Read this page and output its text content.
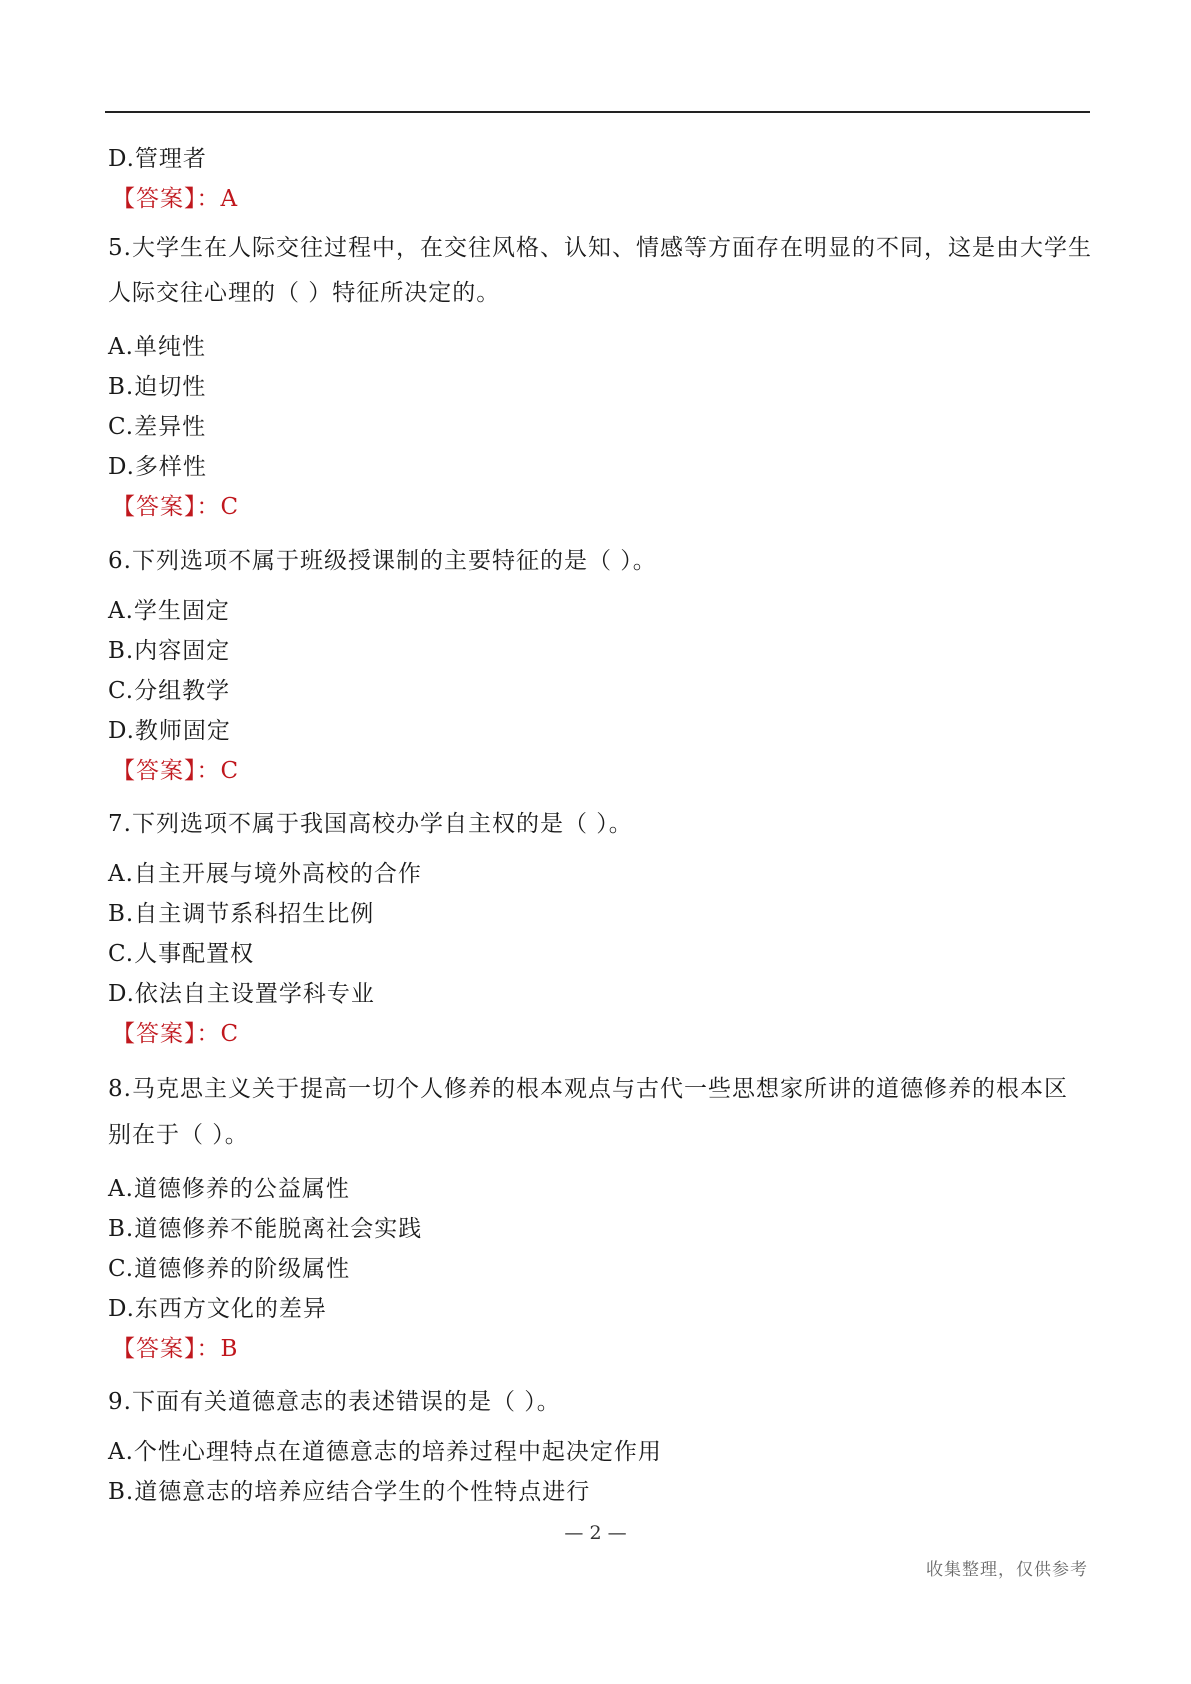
D.管理者
【答案】：A
5.大学生在人际交往过程中，在交往风格、认知、情感等方面存在明显的不同，这是由大学生
人际交往心理的（ ）特征所决定的。
A.单纯性
B.迫切性
C.差异性
D.多样性
【答案】：C
6.下列选项不属于班级授课制的主要特征的是（ ）。
A.学生固定
B.内容固定
C.分组教学
D.教师固定
【答案】：C
7.下列选项不属于我国高校办学自主权的是（ ）。
A.自主开展与境外高校的合作
B.自主调节系科招生比例
C.人事配置权
D.依法自主设置学科专业
【答案】：C
8.马克思主义关于提高一切个人修养的根本观点与古代一些思想家所讲的道德修养的根本区
别在于（ ）。
A.道德修养的公益属性
B.道德修养不能脱离社会实践
C.道德修养的阶级属性
D.东西方文化的差异
【答案】：B
9.下面有关道德意志的表述错误的是（ ）。
A.个性心理特点在道德意志的培养过程中起决定作用
B.道德意志的培养应结合学生的个性特点进行
— 2 —
收集整理，仅供参考
